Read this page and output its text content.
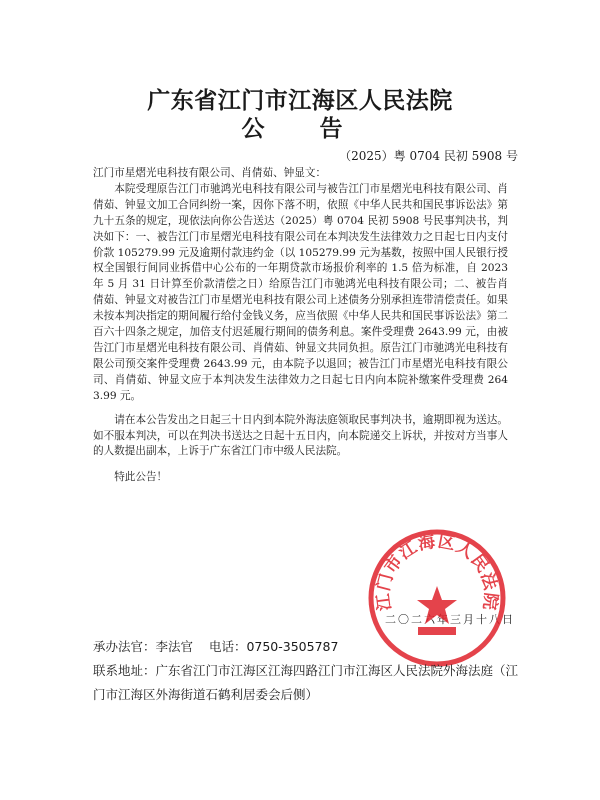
广东省江门市江海区人民法院
公　告
（2025）粤 0704 民初 5908 号

江门市星熠光电科技有限公司、肖倩茹、钟显文：

本院受理原告江门市驰鸿光电科技有限公司与被告江门市星熠光电科技有限公司、肖倩茹、钟显文加工合同纠纷一案，因你下落不明，依照《中华人民共和国民事诉讼法》第九十五条的规定，现依法向你公告送达（2025）粤 0704 民初 5908 号民事判决书，判决如下：一、被告江门市星熠光电科技有限公司在本判决发生法律效力之日起七日内支付价款 105279.99 元及逾期付款违约金（以 105279.99 元为基数，按照中国人民银行授权全国银行间同业拆借中心公布的一年期贷款市场报价利率的 1.5 倍为标准，自 2023 年 5 月 31 日计算至价款清偿之日）给原告江门市驰鸿光电科技有限公司；二、被告肖倩茹、钟显文对被告江门市星熠光电科技有限公司上述债务分别承担连带清偿责任。如果未按本判决指定的期间履行给付金钱义务，应当依照《中华人民共和国民事诉讼法》第二百六十四条之规定，加倍支付迟延履行期间的债务利息。案件受理费 2643.99 元，由被告江门市星熠光电科技有限公司、肖倩茹、钟显文共同负担。原告江门市驰鸿光电科技有限公司预交案件受理费 2643.99 元，由本院予以退回；被告江门市星熠光电科技有限公司、肖倩茹、钟显文应于本判决发生法律效力之日起七日内向本院补缴案件受理费 2643.99 元。

请在本公告发出之日起三十日内到本院外海法庭领取民事判决书，逾期即视为送达。如不服本判决，可以在判决书送达之日起十五日内，向本院递交上诉状，并按对方当事人的人数提出副本，上诉于广东省江门市中级人民法院。

特此公告！

二〇二六年三月十八日
江门市江海区人民法院
承办法官：李法官 电话：0750-3505787
联系地址：广东省江门市江海区江海四路江门市江海区人民法院外海法庭（江门市江海区外海街道石鹤利居委会后侧）
